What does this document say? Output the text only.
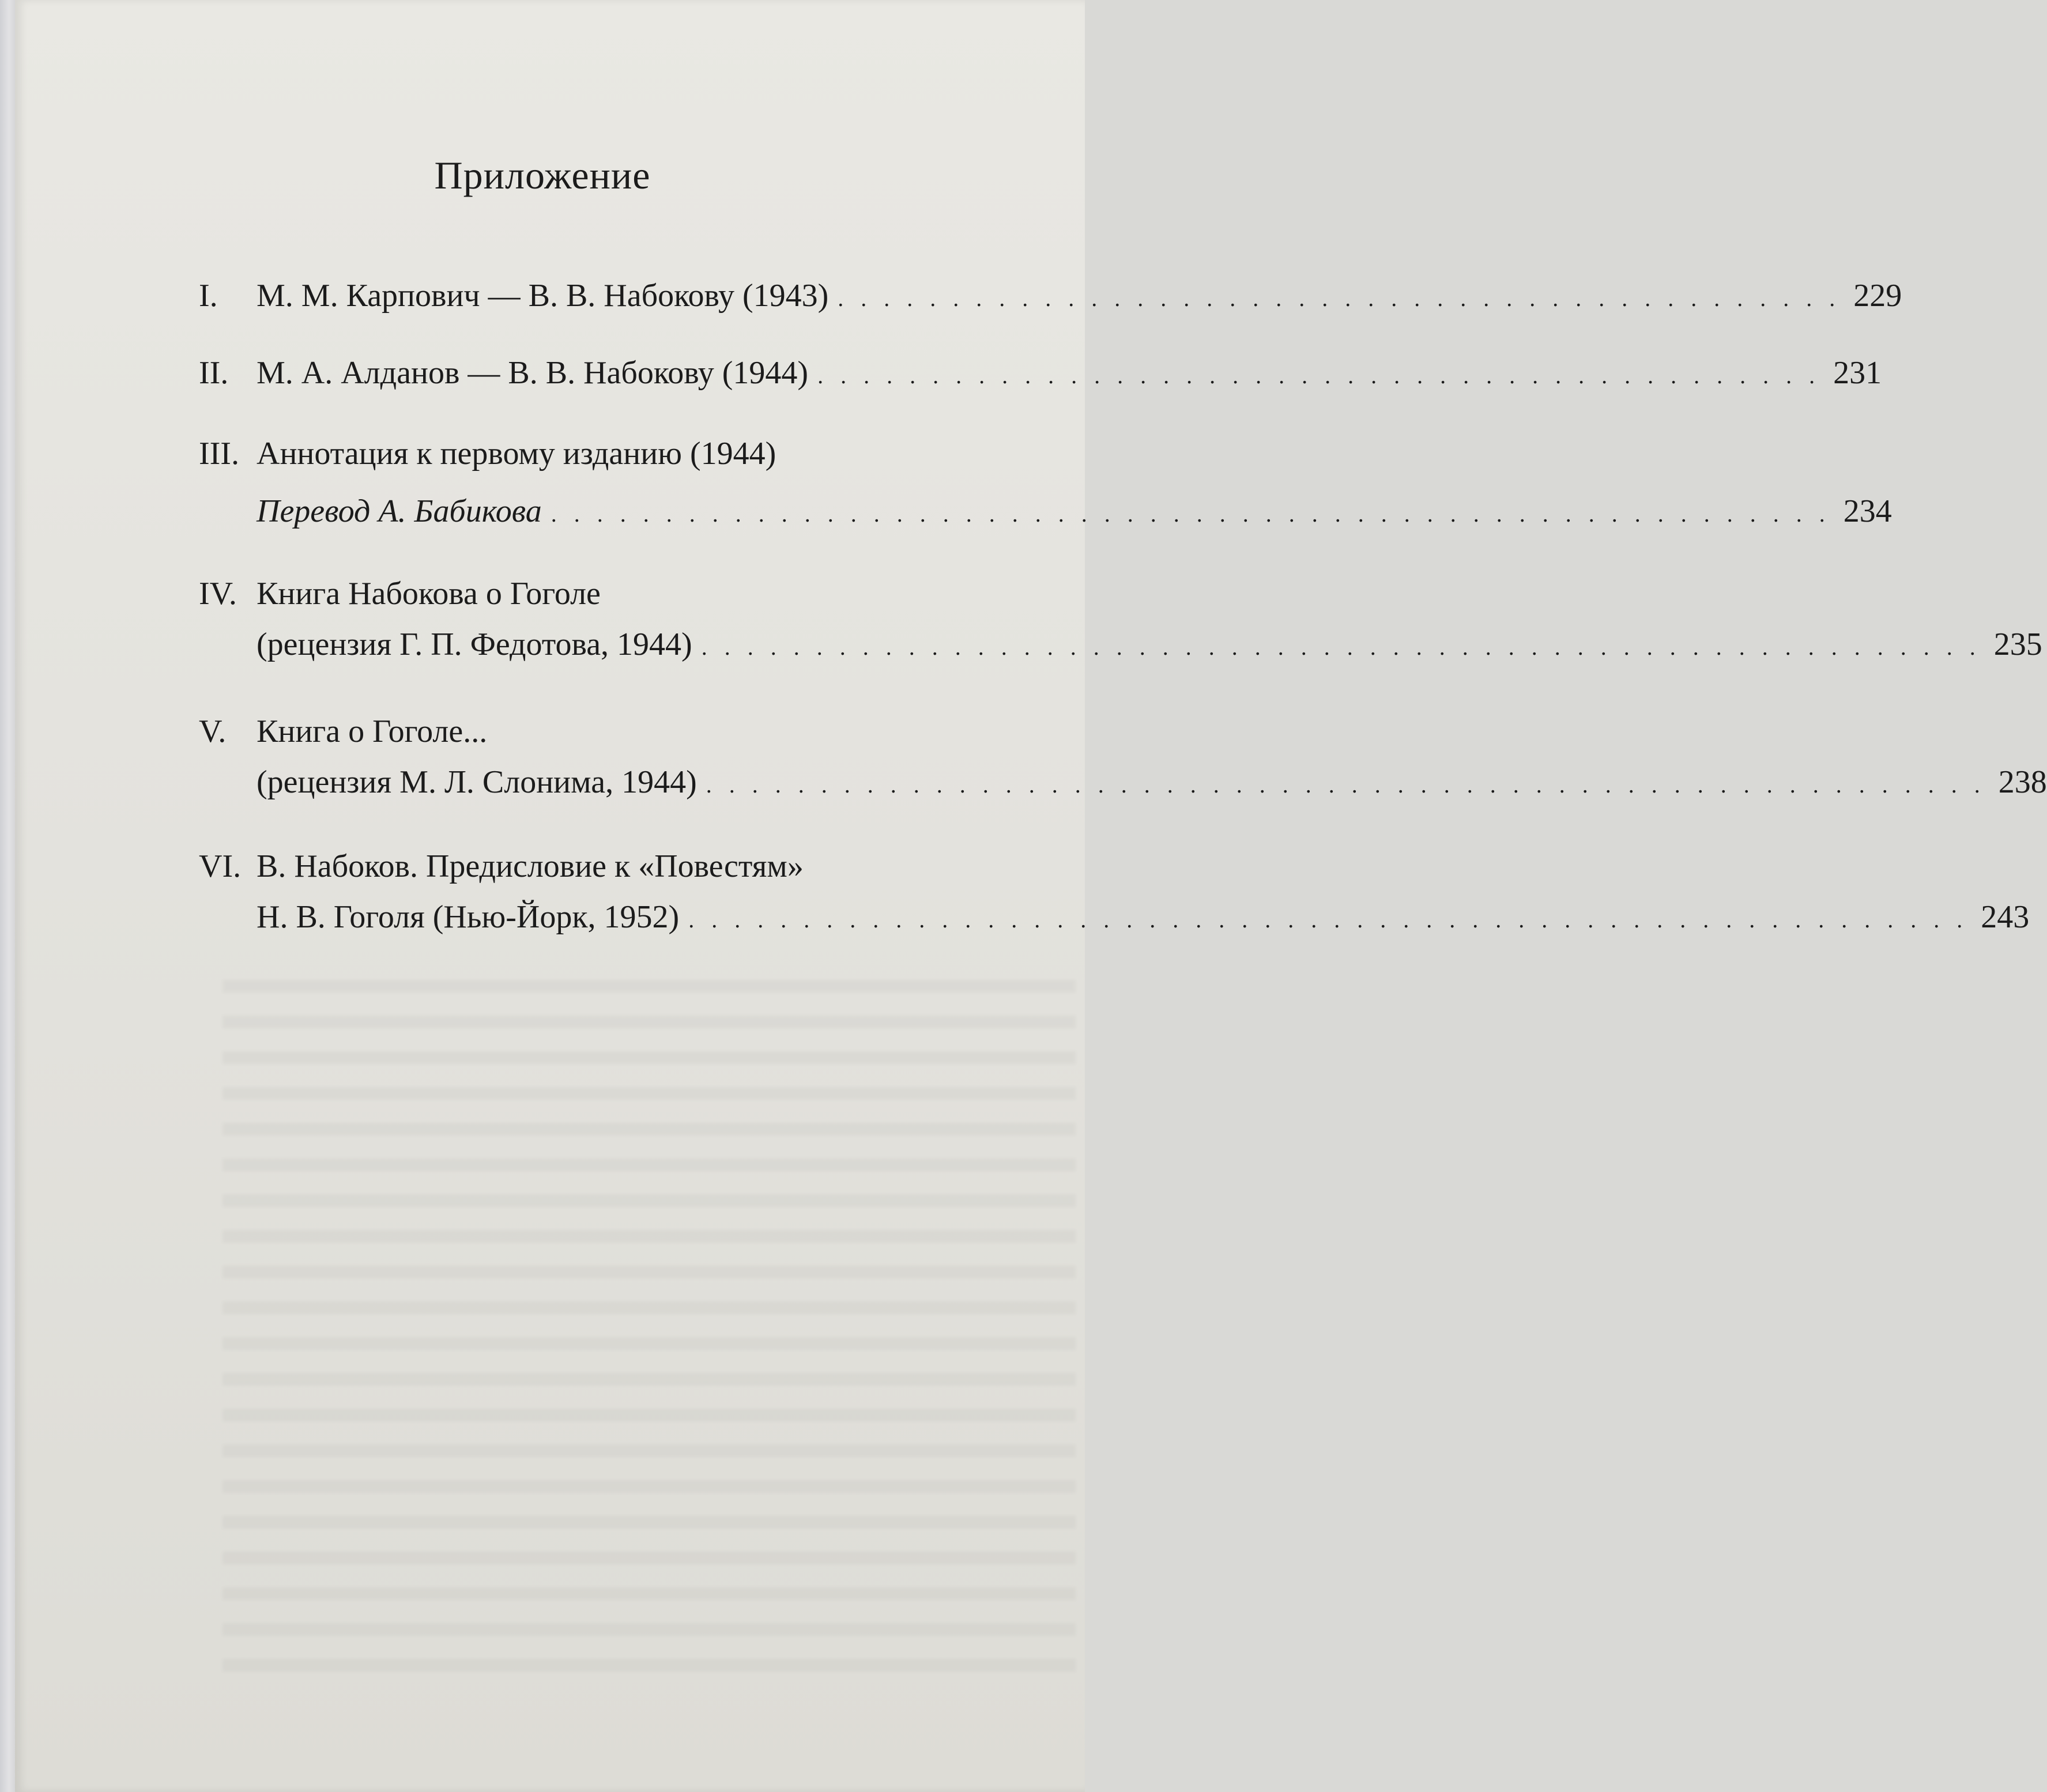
Приложение
I. М. М. Карпович — В. В. Набокову (1943) . . . . . . . . . . . . . . . . . . . . . . . . . . . . . . . . . . . . . . . . . . . . 229
II. М. А. Алданов — В. В. Набокову (1944) . . . . . . . . . . . . . . . . . . . . . . . . . . . . . . . . . . . . . . . . . . . . 231
III. Аннотация к первому изданию (1944)
Перевод А. Бабикова . . . . . . . . . . . . . . . . . . . . . . . . . . . . . . . . . . . . . . . . . . . . . . . . . . . . . . . . 234
IV. Книга Набокова о Гоголе
(рецензия Г. П. Федотова, 1944) . . . . . . . . . . . . . . . . . . . . . . . . . . . . . . . . . . . . . . . . . . . . . . . . . . . . . . . . 235
V. Книга о Гоголе...
(рецензия М. Л. Слонима, 1944) . . . . . . . . . . . . . . . . . . . . . . . . . . . . . . . . . . . . . . . . . . . . . . . . . . . . . . . . 238
VI. В. Набоков. Предисловие к «Повестям»
Н. В. Гоголя (Нью-Йорк, 1952) . . . . . . . . . . . . . . . . . . . . . . . . . . . . . . . . . . . . . . . . . . . . . . . . . . . . . . . . 243
